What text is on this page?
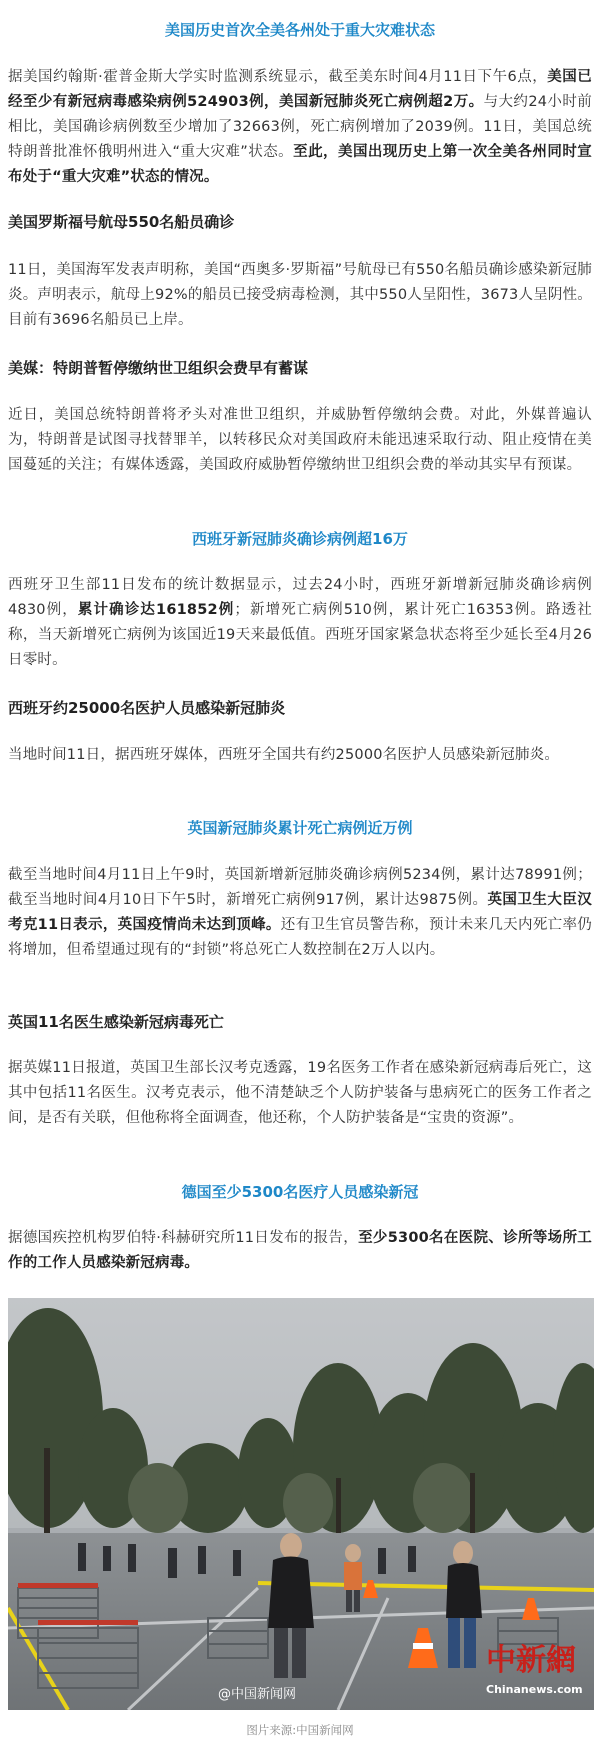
美国历史首次全美各州处于重大灾难状态

据美国约翰斯·霍普金斯大学实时监测系统显示，截至美东时间4月11日下午6点，美国已经至少有新冠病毒感染病例524903例，美国新冠肺炎死亡病例超2万。与大约24小时前相比，美国确诊病例数至少增加了32663例，死亡病例增加了2039例。11日，美国总统特朗普批准怀俄明州进入“重大灾难”状态。至此，美国出现历史上第一次全美各州同时宣布处于“重大灾难”状态的情况。

美国罗斯福号航母550名船员确诊

11日，美国海军发表声明称，美国“西奥多·罗斯福”号航母已有550名船员确诊感染新冠肺炎。声明表示，航母上92%的船员已接受病毒检测，其中550人呈阳性，3673人呈阴性。目前有3696名船员已上岸。

美媒：特朗普暂停缴纳世卫组织会费早有蓄谋

近日，美国总统特朗普将矛头对准世卫组织，并威胁暂停缴纳会费。对此，外媒普遍认为，特朗普是试图寻找替罪羊，以转移民众对美国政府未能迅速采取行动、阻止疫情在美国蔓延的关注；有媒体透露，美国政府威胁暂停缴纳世卫组织会费的举动其实早有预谋。

西班牙新冠肺炎确诊病例超16万

西班牙卫生部11日发布的统计数据显示，过去24小时，西班牙新增新冠肺炎确诊病例4830例，累计确诊达161852例；新增死亡病例510例，累计死亡16353例。路透社称，当天新增死亡病例为该国近19天来最低值。西班牙国家紧急状态将至少延长至4月26日零时。

西班牙约25000名医护人员感染新冠肺炎

当地时间11日，据西班牙媒体，西班牙全国共有约25000名医护人员感染新冠肺炎。

英国新冠肺炎累计死亡病例近万例

截至当地时间4月11日上午9时，英国新增新冠肺炎确诊病例5234例，累计达78991例；截至当地时间4月10日下午5时，新增死亡病例917例，累计达9875例。英国卫生大臣汉考克11日表示，英国疫情尚未达到顶峰。还有卫生官员警告称，预计未来几天内死亡率仍将增加，但希望通过现有的“封锁”将总死亡人数控制在2万人以内。

英国11名医生感染新冠病毒死亡

据英媒11日报道，英国卫生部长汉考克透露，19名医务工作者在感染新冠病毒后死亡，这其中包括11名医生。汉考克表示，他不清楚缺乏个人防护装备与患病死亡的医务工作者之间，是否有关联，但他称将全面调查，他还称，个人防护装备是“宝贵的资源”。

德国至少5300名医疗人员感染新冠

据德国疾控机构罗伯特·科赫研究所11日发布的报告，至少5300名在医院、诊所等场所工作的工作人员感染新冠病毒。

@中国新闻网
中新網
Chinanews.com
图片来源:中国新闻网
